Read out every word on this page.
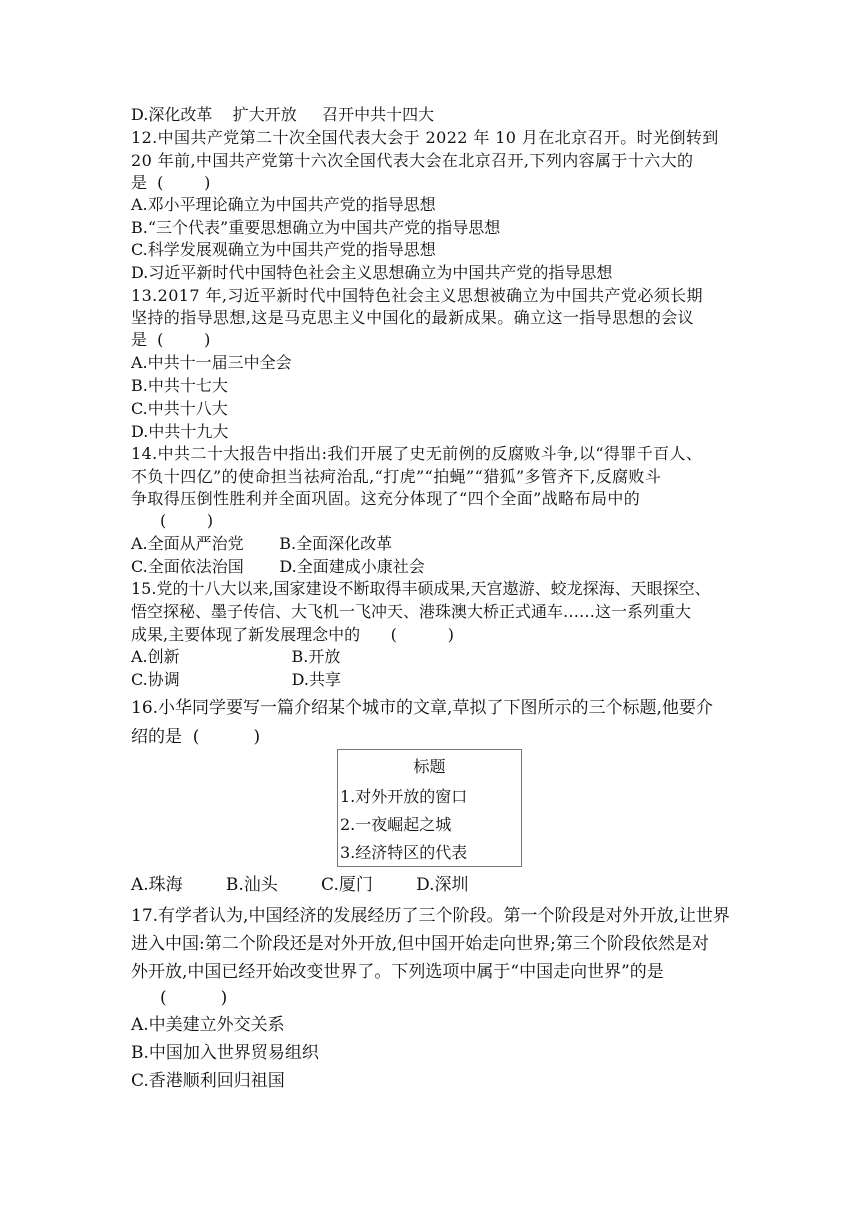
D.深化改革    扩大开放     召开中共十四大
12.中国共产党第二十次全国代表大会于 2022 年 10 月在北京召开。时光倒转到
20 年前,中国共产党第十六次全国代表大会在北京召开,下列内容属于十六大的
是  (        )
A.邓小平理论确立为中国共产党的指导思想
B.“三个代表”重要思想确立为中国共产党的指导思想
C.科学发展观确立为中国共产党的指导思想
D.习近平新时代中国特色社会主义思想确立为中国共产党的指导思想
13.2017 年,习近平新时代中国特色社会主义思想被确立为中国共产党必须长期
坚持的指导思想,这是马克思主义中国化的最新成果。确立这一指导思想的会议
是  (        )
A.中共十一届三中全会
B.中共十七大
C.中共十八大
D.中共十九大
14.中共二十大报告中指出:我们开展了史无前例的反腐败斗争,以“得罪千百人、
不负十四亿”的使命担当祛疴治乱,“打虎”“拍蝇”“猎狐”多管齐下,反腐败斗
争取得压倒性胜利并全面巩固。这充分体现了“四个全面”战略布局中的
(        )
A.全面从严治党       B.全面深化改革
C.全面依法治国       D.全面建成小康社会
15.党的十八大以来,国家建设不断取得丰硕成果,天宫遨游、蛟龙探海、天眼探空、
悟空探秘、墨子传信、大飞机一飞冲天、港珠澳大桥正式通车……这一系列重大
成果,主要体现了新发展理念中的      (          )
A.创新                      B.开放
C.协调                      D.共享
16.小华同学要写一篇介绍某个城市的文章,草拟了下图所示的三个标题,他要介
绍的是  (          )
标题
1.对外开放的窗口
2.一夜崛起之城
3.经济特区的代表
A.珠海        B.汕头        C.厦门        D.深圳
17.有学者认为,中国经济的发展经历了三个阶段。第一个阶段是对外开放,让世界
进入中国:第二个阶段还是对外开放,但中国开始走向世界;第三个阶段依然是对
外开放,中国已经开始改变世界了。下列选项中属于“中国走向世界”的是
(          )
A.中美建立外交关系
B.中国加入世界贸易组织
C.香港顺利回归祖国
